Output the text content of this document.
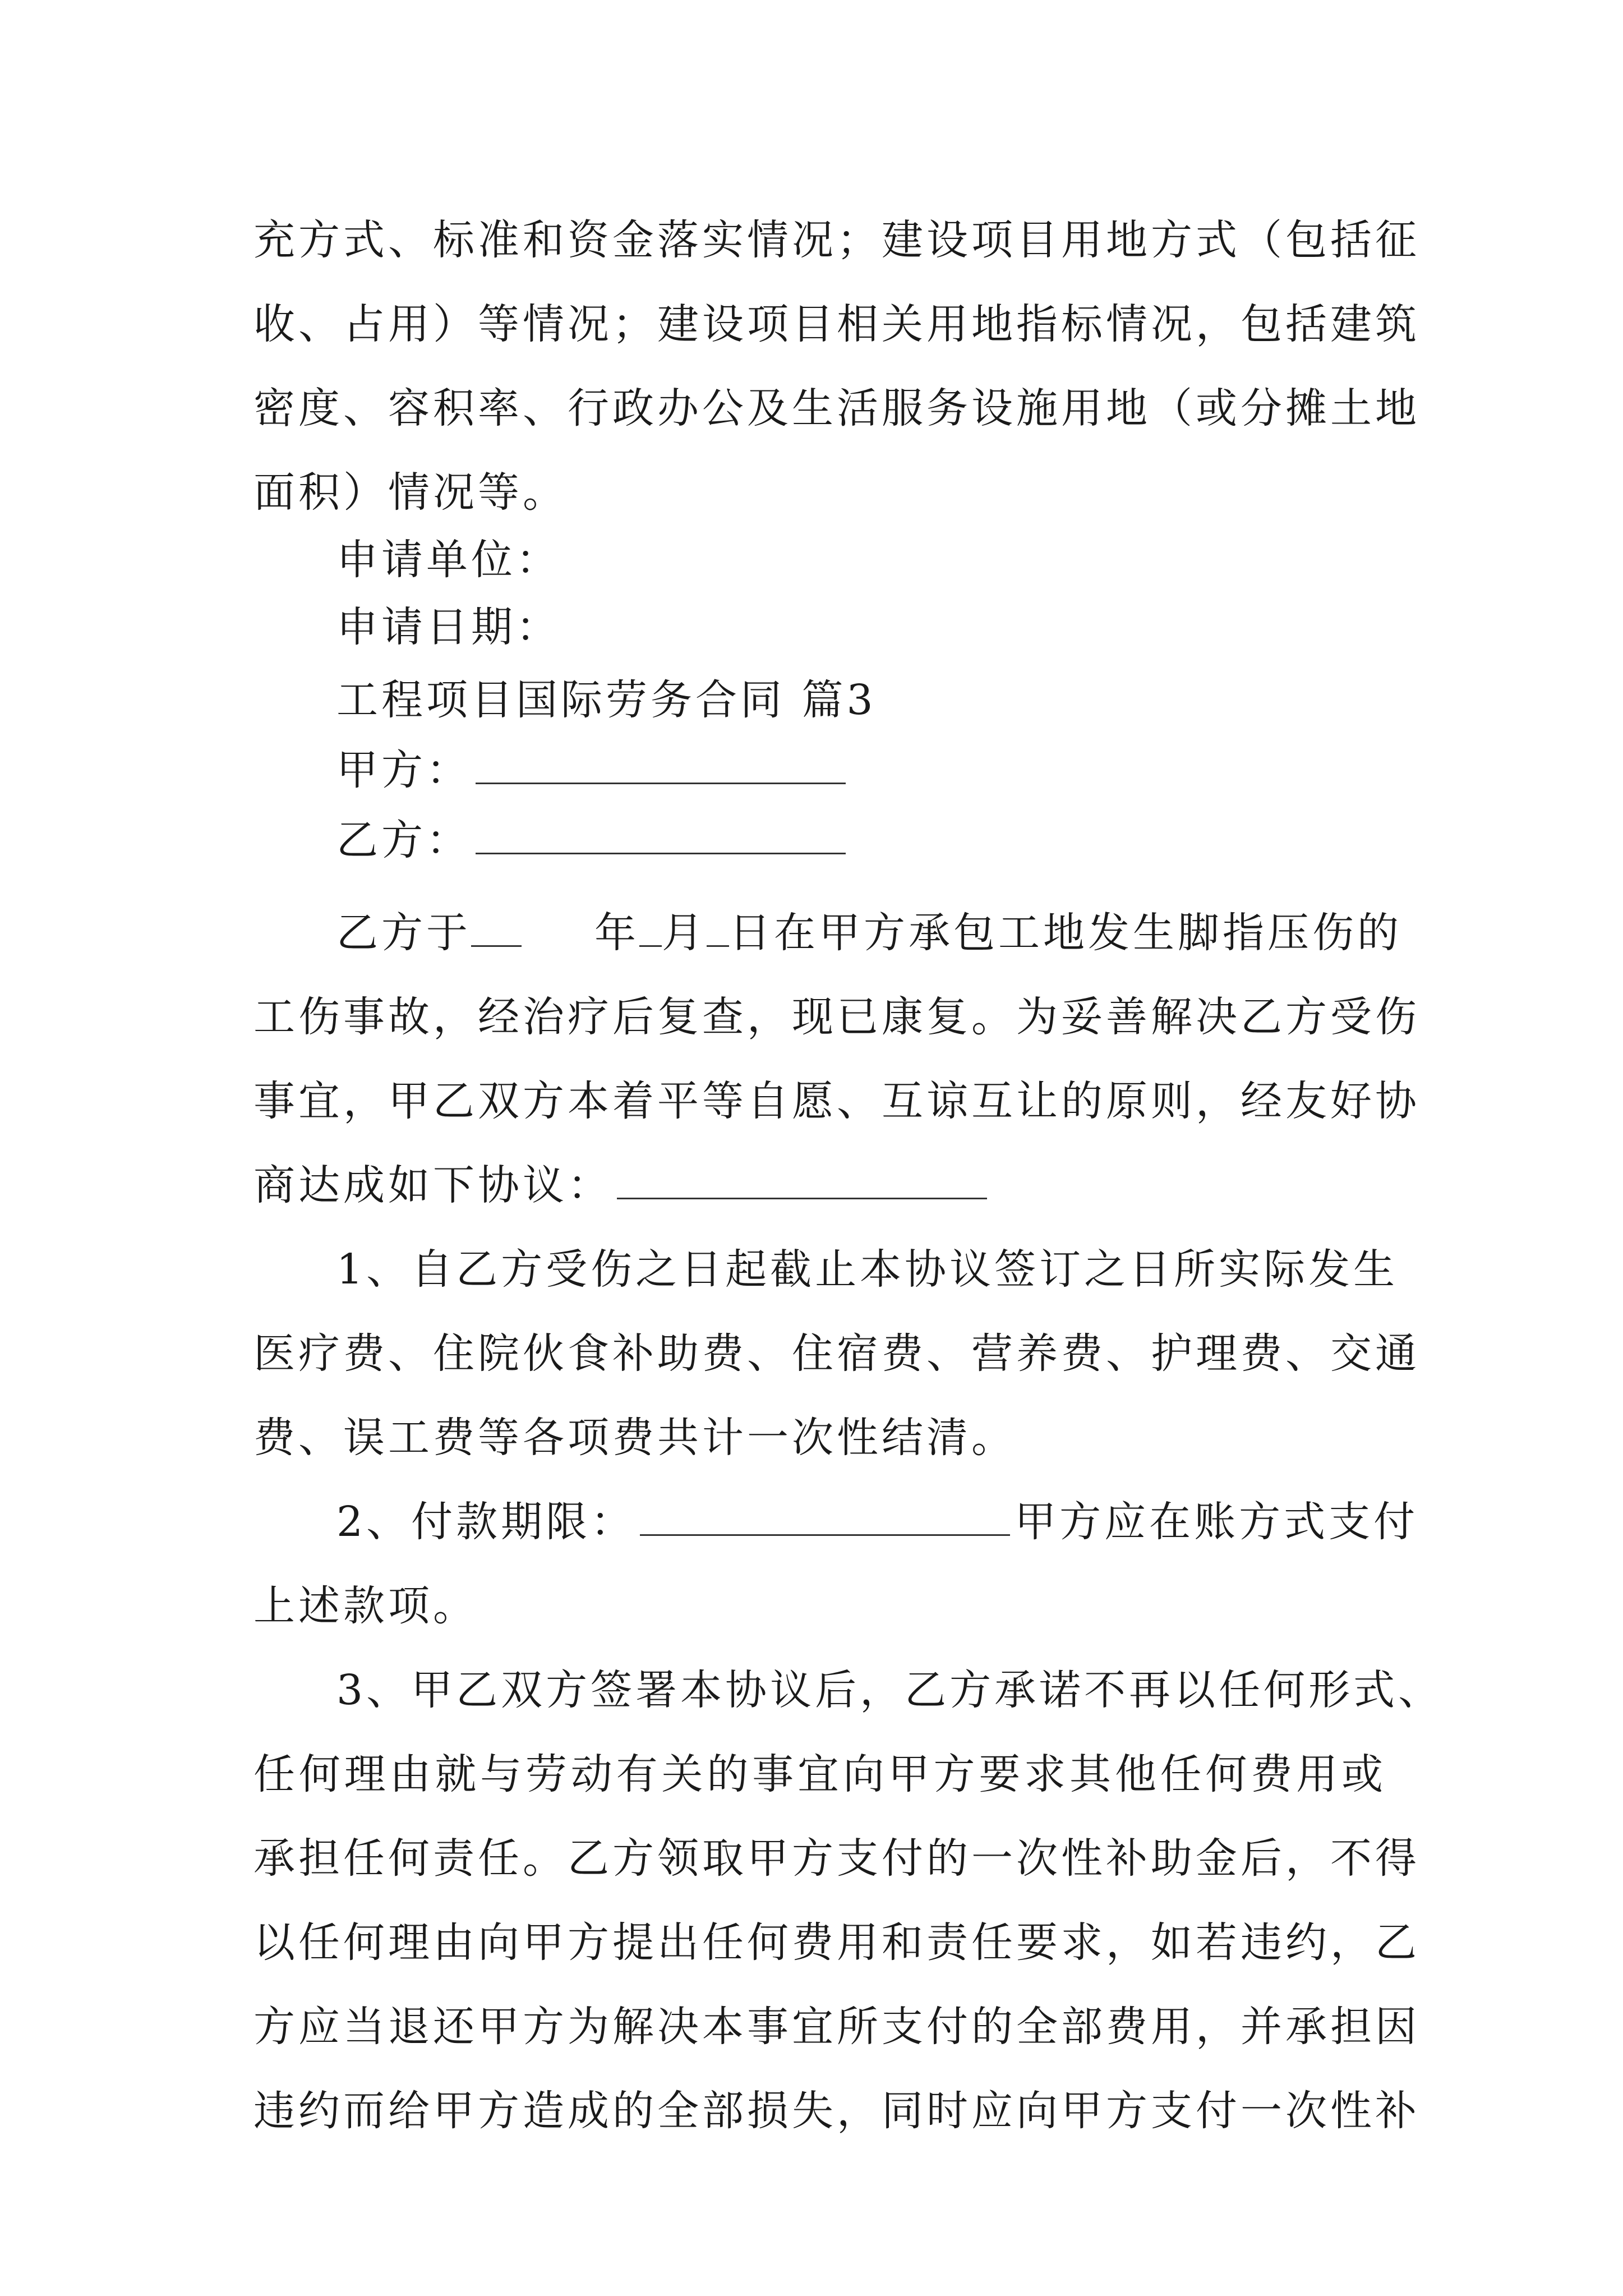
充方式、标准和资金落实情况；建设项目用地方式（包括征
收、占用）等情况；建设项目相关用地指标情况，包括建筑
密度、容积率、行政办公及生活服务设施用地（或分摊土地
面积）情况等。
申请单位：
申请日期：
工程项目国际劳务合同 篇3
甲方：
乙方：
乙方于	年 月 日在甲方承包工地发生脚指压伤的
工伤事故，经治疗后复查，现已康复。为妥善解决乙方受伤
事宜，甲乙双方本着平等自愿、互谅互让的原则，经友好协
商达成如下协议：
1、自乙方受伤之日起截止本协议签订之日所实际发生
医疗费、住院伙食补助费、住宿费、营养费、护理费、交通
费、误工费等各项费共计一次性结清。
2、付款期限：	甲方应在账方式支付
上述款项。
3、甲乙双方签署本协议后，乙方承诺不再以任何形式、
任何理由就与劳动有关的事宜向甲方要求其他任何费用或
承担任何责任。乙方领取甲方支付的一次性补助金后，不得
以任何理由向甲方提出任何费用和责任要求，如若违约，乙
方应当退还甲方为解决本事宜所支付的全部费用，并承担因
违约而给甲方造成的全部损失，同时应向甲方支付一次性补
